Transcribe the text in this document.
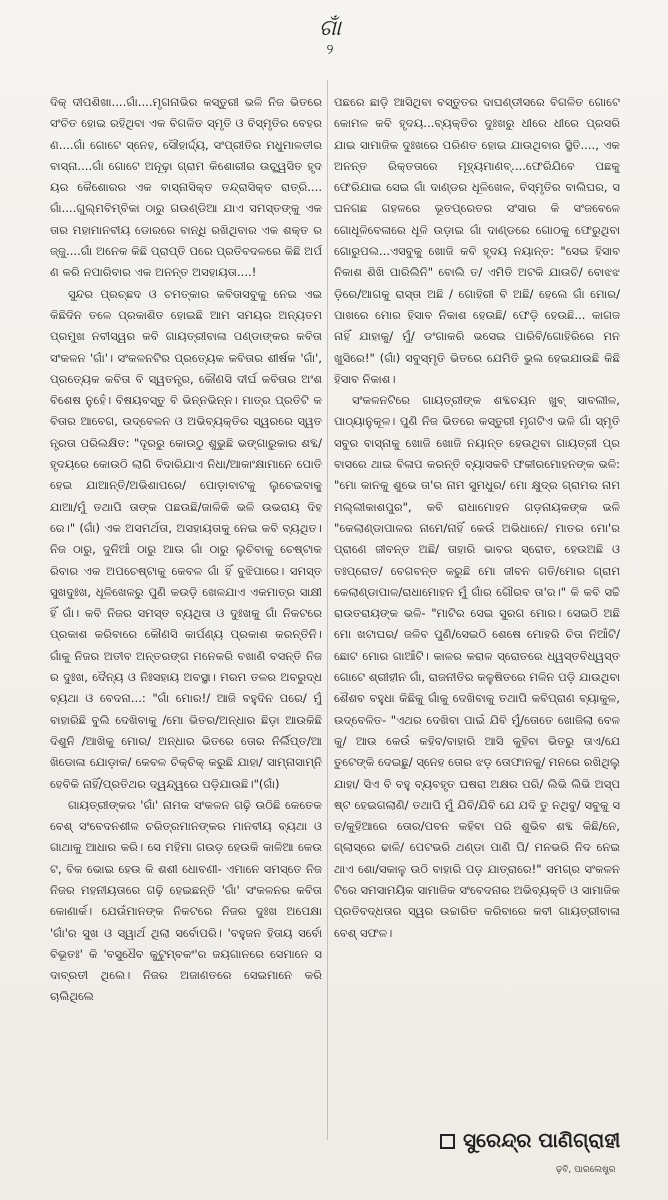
ଗାଁ
୨

ଦିକ୍ ଦୀପଶିଖା....ଗାଁ....ମୃଗନାଭିର କସ୍ତୁରୀ ଭଳି ନିଜ ଭିତରେ ସଂଚିତ ହୋଇ ରହିଥିବା ଏକ ବିଗଳିତ ସ୍ମୃତି ଓ ବିସ୍ମୃତିର ବେହରଣ....ଗାଁ ଗୋଟେ ସ୍ନେହ, ସୌହାର୍ଦ୍ଦ୍ୟ, ସଂପ୍ରୀତିର ମଧୁମାଳତୀର ବାସ୍ନା....ଗାଁ ଗୋଟେ ଅନୂଢ଼ା ଗ୍ରାମ କିଶୋରୀର ଉଚ୍ଛ୍ୱସିତ ହୃଦୟର କୈଶୋରର ଏକ ବାସ୍ନାସିକ୍ତ ତନ୍ଦ୍ରାସିକ୍ତ ରାତ୍ରି....ଗାଁ....ଗୁଲ୍ମବିମ୍ବିକା ଠାରୁ ଗଉଣ୍ଡିଆ ଯାଏ ସମସ୍ତଙ୍କୁ ଏକତାର ମହାମାନବୀୟ ଡୋରରେ ବାନ୍ଧି ରଖିଥିବାର ଏକ ଶକ୍ତ ରଜ୍ଜୁ....ଗାଁ ଅନେକ କିଛି ପ୍ରାପ୍ତି ପରେ ପ୍ରତିବଦଳରେ କିଛି ଅର୍ପଣ କରି ନପାରିବାର ଏକ ଅନନ୍ତ ଅସହାୟତା....!

ସୁନ୍ଦର ପ୍ରଚ୍ଛଦ ଓ ଚମତ୍କାର କବିତାସବୁକୁ ନେଇ ଏଇ କିଛିଦିନ ତଳେ ପ୍ରକାଶିତ ହୋଇଛି ଆମ ସମୟର ଅନ୍ୟତମ ପ୍ରମୁଖ ନବୀସ୍ୱର କବି ଗାୟତ୍ରୀବାଳା ପଣ୍ଡାଙ୍କର କବିତା ସଂକଳନ 'ଗାଁ'। ସଂକଳନଟିର ପ୍ରତ୍ୟେକ କବିତାର ଶୀର୍ଷକ 'ଗାଁ', ପ୍ରତ୍ୟେକ କବିତା ବି ସ୍ୱତନ୍ତ୍ର, କୌଣସି ଦୀର୍ଘ କବିତାର ଅଂଶ ବିଶେଷ ନୁହେଁ। ବିଷୟବସ୍ତୁ ବି ଭିନ୍ନଭିନ୍ନ। ମାତ୍ର ପ୍ରତିଟି କବିତାର ଆବେଗ, ଉଦ୍‌ବେଳନ ଓ ଅଭିବ୍ୟକ୍ତିର ସ୍ୱରରେ ସ୍ୱତନ୍ତ୍ରତା ପରିଲକ୍ଷିତ: "ଦୂରରୁ କୋଉଠୁ ଶୁଭୁଛି ଭଙ୍ଗାରୁକାର ଶବ୍ଦ/ହୃଦୟରେ କୋଉଠି ଲାଗି ବିଦାରିଯାଏ ନିଧା/ଆକାଂକ୍ଷାମାନେ ପୋତି ହେଇ ଯାଆନ୍ତି/ଅଭିଶାପରେ/ ପୋଡ଼ାବାଟକୁ ଲୁଚେଇବାକୁ ଯାଆ/ମୁଁ ତଥାପି ତାଙ୍କ ପଛଉଛି/ଜାଳିକି ଭଳି ଉଭରାୟ ଦିହରେ।" (ଗାଁ) ଏକ ଅସମର୍ଥତା, ଅସହାୟତାକୁ ନେଇ କବି ବ୍ୟଥିତ। ନିଜ ଠାରୁ, ଦୁନିଆଁ ଠାରୁ ଆଉ ଗାଁ ଠାରୁ ଲୁଚିବାକୁ ଚେଷ୍ଟାକରିବାର ଏକ ଅପଚେଷ୍ଟାକୁ କେବଳ ଗାଁ ହିଁ ବୁଝିପାରେ। ସମସ୍ତ ସୁଖଦୁଃଖ, ଧୂଳିଖେଳରୁ ପୁଣି କଉଡ଼ି ଖେଳଯାଏ ଏକମାତ୍ର ସାକ୍ଷୀ ହିଁ ଗାଁ। କବି ନିଜର ସମସ୍ତ ବ୍ୟଥିତା ଓ ଦୁଃଖକୁ ଗାଁ ନିକଟରେ ପ୍ରକାଶ କରିବାରେ କୌଣସି କାର୍ପଣ୍ୟ ପ୍ରକାଶ କରନ୍ତିନି। ଗାଁକୁ ନିଜର ଅତୀବ ଅନ୍ତରଙ୍ଗ ମନେକରି ବଖାଣି ବସନ୍ତି ନିଜର ଦୁଃଖ, ଦୈନ୍ୟ ଓ ନିଃସହାୟ ଅବସ୍ଥା। ମରମ ତଳର ଅବରୁଦ୍ଧ ବ୍ୟଥା ଓ ବେଦନା...: "ଗାଁ ମୋର!/ ଆଜି ବହୁଦିନ ପରେ/ ମୁଁ ବାହାରିଛି ବୁଲି ଦେଖିବାକୁ /ମୋ ଭିତର/ଅନ୍ଧାର ଛିଡ଼ା ଆଉକିଛି ଦିଶୁନି /ଆଖିକୁ ମୋର/ ଅନ୍ଧାର ଭିତରେ ତୋର ନିର୍ଲିପ୍ତ/ଆଖିଡୋଳା ଯୋଡ଼ାକ/ କେବଳ ଚିକ୍‌ଚିକ୍ କରୁଛି ଯାହା/ ସାମ୍ନାସାମ୍ନି ହେବିକି ନାହିଁ/ପ୍ରତିଥର ଦ୍ୱନ୍ଦ୍ୱରେ ପଡ଼ିଯାଉଛି।"(ଗାଁ)

ଗାୟତ୍ରୀଙ୍କର 'ଗାଁ' ନାମକ ସଂକଳନ ଗଢ଼ି ଉଠିଛି କେତେକ ବେଶ୍ ସଂବେଦନଶୀଳ ଚରିତ୍ରମାନଙ୍କର ମାନବୀୟ ବ୍ୟଥା ଓ ଗାଥାକୁ ଆଧାର କରି। ସେ ମହିମା ଗଉଡ଼ ହେଉକି କାଳିଆ କେଉଟ, ବିକ ଭୋଇ ହେଉ କି ଶଶୀ ଧୋବଣୀ- ଏମାନେ ସମସ୍ତେ ନିଜ ନିଜର ମହନୀୟତାରେ ଗଢ଼ି ହେଇଛନ୍ତି 'ଗାଁ' ସଂକଳନର କବିତା କୋଣାର୍କ। ଯେଉଁମାନଙ୍କ ନିକଟରେ ନିଜର ଦୁଃଖ ଅପେକ୍ଷା 'ଗାଁ'ର ସୁଖ ଓ ସ୍ୱାର୍ଥ ଥିଲା ସର୍ବୋପରି। 'ବହୁଜନ ହିତାୟ ସର୍ବୋ ବିଭୂତଃ' କି 'ବସୁଧୈବ କୁଟୁମ୍ବକଂ'ର ଜୟଗାନରେ ସେମାନେ ସଦାବ୍ରତୀ ଥିଲେ। ନିଜର ଅଜାଣତରେ ସେଇମାନେ କରି ଚାଲିଥିଲେ

ପଛରେ ଛାଡ଼ି ଆସିଥିବା ବସ୍ତୁତର ଦାଘଣ୍ଡୀସରେ ବିଗଳିତ ଗୋଟେ କୋମଳ କବି ହୃଦୟ...ବ୍ୟକ୍ତିର ଦୁଃଖରୁ ଧୀରେ ଧୀରେ ପ୍ରସରି ଯାଇ ସାମାଜିକ ଦୁଃଖରେ ପରିଣତ ହୋଇ ଯାଉଥିବାର ସ୍ଥିତି...., ଏକ ଅନନ୍ତ ରିକ୍ତତାରେ ମୂହ୍ୟମାଣବ୍....ଫେରିଯିବେ ପଛକୁ ଫେରିଯାଇ ସେଇ ଗାଁ ଦାଣ୍ଡର ଧୂଳିଖେଳ, ବିସ୍ମୃତିର ବାଲିଘର, ସଘନଗଛ ଗହଳରେ ଭୂତପ୍ରେତର ସଂସାର କି ସଂଜବେଳେ ଗୋଧୂଳିବେଳାରେ ଧୂଳି ଉଡ଼ାଇ ଗାଁ ଦାଣ୍ଡରେ ଗୋଠକୁ ଫେରୁଥିବା ଗୋରୁପଲ...ଏସବୁକୁ ଖୋଜି କବି ହୃଦୟ ନୟାନ୍ତ: "ସେଇ ହିସାବ ନିକାଶ ଶିଖି ପାରିଲିନି" ବୋଲି ତ/ ଏମିତି ଅଟକି ଯାଉଚି/ ବୋଝଝଡ଼ିରେ/ଆଗକୁ ରାସ୍ତା ଅଛି / ଗୋହିରୀ ବି ଅଛି/ ହେଲେ ଗାଁ ମୋର/ପାଖରେ ମୋର ହିସାବ ନିକାଶ ହେଉଛି/ ଫେଡ଼ି ହେଉଛି... କାଗଜ ନାହିଁ ଯାହାକୁ/ ମୁଁ/ ଡଂଗାକରି ଭସେଇ ପାରିବି/ଗୋହିରିରେ ମନଖୁସିରେ!" (ଗାଁ) ସବୁସ୍ମୃତି ଭିତରେ ଯେମିତି ଭୁଲ ହେଇଯାଉଛି କିଛି ହିସାବ ନିକାଶ।

ସଂକଳନଟିରେ ଗାୟତ୍ରୀଙ୍କ ଶବ୍ଦଚୟନ ଖୁବ୍ ସାବଲୀଳ, ପାଠ୍ୟାନୁକୂଳ। ପୁଣି ନିଜ ଭିତରେ କସ୍ତୁରୀ ମୃଗଟିଏ ଭଳି ଗାଁ ସ୍ମୃତି ସବୁର ବାସ୍ନାକୁ ଖୋଜି ଖୋଜି ନୟାନ୍ତ ହେଉଥିବା ଗାୟତ୍ରୀ ପ୍ରବାସରେ ଥାଇ ବିଳାପ କରନ୍ତି ବ୍ୟାସକବି ଫକୀରମୋହନଙ୍କ ଭଳି: "ମୋ କାନକୁ ଶୁଭେ ତା'ର ନାମ ସୁମଧୁର/ ମୋ କ୍ଷୁଦ୍ର ଗ୍ରାମର ନାମ ମଲ୍ଲୀକାଶପୁର", କବି ରାଧାମୋହନ ଗଡ଼ନାୟକଙ୍କ ଭଳି "କେଲାଣ୍ଡାପାଳର ନାମେ/ନାହିଁ କେଉଁ ଅଭିଧାନେ/ ମାତର ମୋ'ର ପ୍ରାଣେ ଜୀବନ୍ତ ଅଛି/ ତାହାରି ଭାବର ସ୍ରୋତ, ହେଉଅଛି ଓତଃପ୍ରୋତ/ ବେଗବନ୍ତ କରୁଛି ମୋ ଜୀବନ ଗତି/ମୋର ଗ୍ରାମ କେଲାଣ୍ଡାପାଳ/ରାଧାମୋହନ ମୁଁ ଗାଁର ଗୌରବ ତା'ର।" କି କବି ସଚ୍ଚି ରାଉତରାୟଙ୍କ ଭଳି- "ମାଟିର ସେଇ ସୁରଗ ମୋର। ସେଇଠି ଅଛି ମୋ ଖଟାଘର/ ଜଳିବ ପୁଣି/ସେଇଠି ଶେଷେ ମୋହରି ଚିତା ନିଆଁଟି/ ଛୋଟ ମୋର ଗାଆଁଟି। କାଳର କରାଳ ସ୍ରୋତରେ ଧ୍ୱସ୍ତବିଧ୍ୱସ୍ତ ଗୋଟେ ଶ୍ରୀହୀନ ଗାଁ, ରାଜନୀତିର କଳୁଷିତରେ ମଳିନ ପଡ଼ି ଯାଉଥିବା ଶୈଶବ ବହୁଧା କିଛିକୁ ଗାଁକୁ ଦେଖିବାକୁ ତଥାପି କବିପ୍ରାଣ ବ୍ୟାକୁଳ, ଉଦ୍‌ବେଳିତ- "ଏଥର ଦେଖିବା ପାଇଁ ଯିବି ମୁଁ/ତୋତେ ଖୋଜିଲା ବେଳକୁ/ ଆଉ କେଉଁ କହିବ/ବାହାରି ଆସି କୁହିବା ଭିତରୁ ତାଏ/ଯେ ତୁଟେଙ୍କି ଦେଇଛୁ/ ସ୍ନେହ ତୋର ଝଡ଼ ତୋଫାନକୁ/ ମନରେ ରଖିଥିଲୁ ଯାହା/ ସିଏ ବି ବହୁ ବ୍ୟବହୃତ ଘଷରା ଅକ୍ଷର ପରି/ ଲିଭି ଲିଭି ଅସ୍ପଷ୍ଟ ହେଇଗଲାଣି/ ତଥାପି ମୁଁ ଯିବି/ଯିବି ଯେ ଯଦି ତୁ ନଥିବୁ/ ସବୁକୁ ସତ/କୁହିଆରେ ତୋର/ପବନ କହିବା ପରି ଶୁଭିବ ଶବ୍ଦ କିଛି/ନେ, ଗ୍ଲାସ୍‌ରେ ଢାଳି/ ପେଟଭରି ଥଣ୍ଡା ପାଣି ପି/ ମନଭରି ନିଦ ନେଇଥାଏ ଶୋ/ସକାଳୁ ଉଠି ବାହାରି ପଡ଼ ଯାତ୍ରାରେ!" ସମଗ୍ର ସଂକଳନଟିରେ ସମସାମୟିକ ସାମାଜିକ ସଂବେଦନାର ଅଭିବ୍ୟକ୍ତି ଓ ସାମାଜିକ ପ୍ରତିବଦ୍ଧତାର ସ୍ୱର ଉଚ୍ଚାରିତ କରିବାରେ କବୀ ଗାୟତ୍ରୀବାଳା ବେଶ୍ ସଫଳ।

ସୁରେନ୍ଦ୍ର ପାଣିଗ୍ରାହୀ
ଢ଼ବି, ପାରଲେଷ୍ଟ୍ର
